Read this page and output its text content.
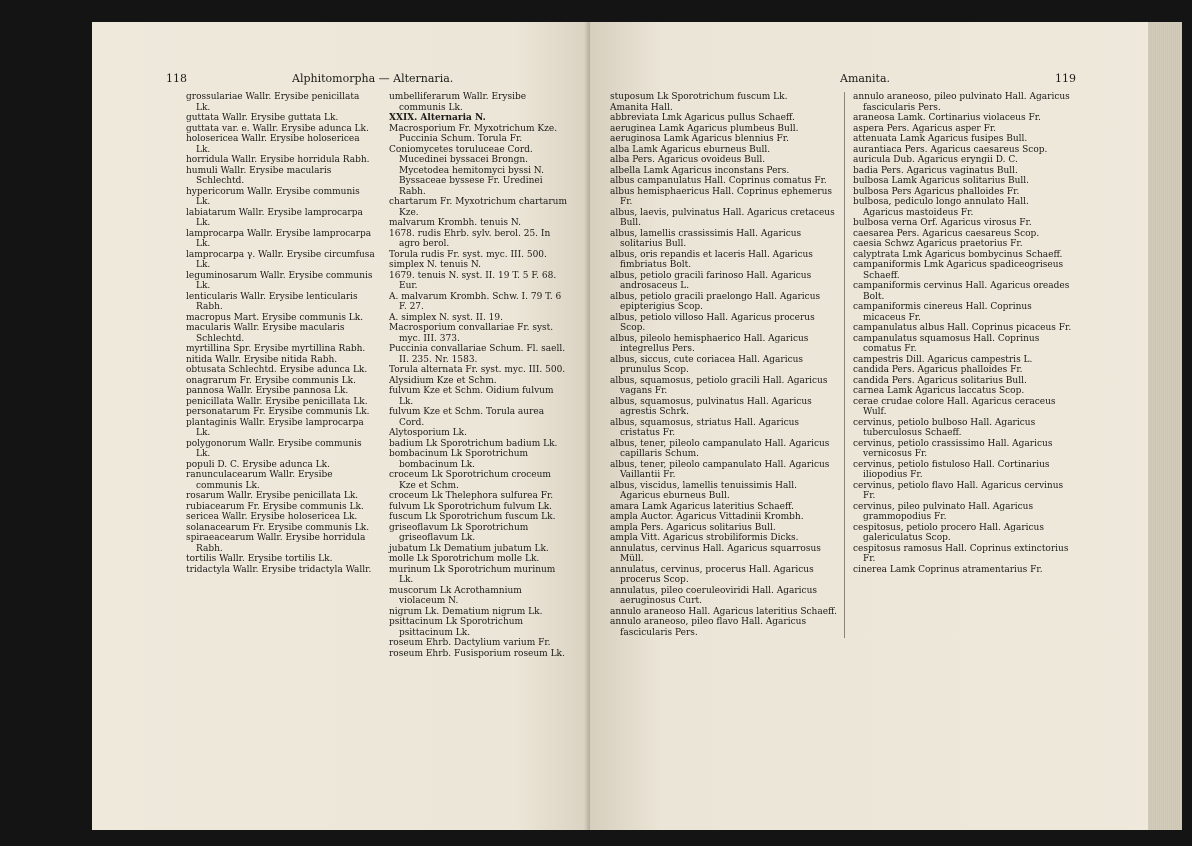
118	Alphitomorpha — Alternaria.

grossulariae Wallr. Erysibe penicillata Lk.

guttata Wallr. Erysibe guttata Lk.

guttata var. e. Wallr. Erysibe adunca Lk.

holosericea Wallr. Erysibe holosericea Lk.

horridula Wallr. Erysibe horridula Rabh.

humuli Wallr. Erysibe macularis Schlechtd.

hypericorum Wallr. Erysibe communis Lk.

labiatarum Wallr. Erysibe lamprocarpa Lk.

lamprocarpa Wallr. Erysibe lamprocarpa Lk.

lamprocarpa γ. Wallr. Erysibe circumfusa Lk.

leguminosarum Wallr. Erysibe communis Lk.

lenticularis Wallr. Erysibe lenticularis Rabh.

macropus Mart. Erysibe communis Lk.

macularis Wallr. Erysibe macularis Schlechtd.

myrtillina Spr. Erysibe myrtillina Rabh.

nitida Wallr. Erysibe nitida Rabh.

obtusata Schlechtd. Erysibe adunca Lk.

onagrarum Fr. Erysibe communis Lk.

pannosa Wallr. Erysibe pannosa Lk.

penicillata Wallr. Erysibe penicillata Lk.

personatarum Fr. Erysibe communis Lk.

plantaginis Wallr. Erysibe lamprocarpa Lk.

polygonorum Wallr. Erysibe communis Lk.

populi D. C. Erysibe adunca Lk.

ranunculacearum Wallr. Erysibe communis Lk.

rosarum Wallr. Erysibe penicillata Lk.

rubiacearum Fr. Erysibe communis Lk.

sericea Wallr. Erysibe holosericea Lk.

solanacearum Fr. Erysibe communis Lk.

spiraeacearum Wallr. Erysibe horridula Rabh.

tortilis Wallr. Erysibe tortilis Lk.

tridactyla Wallr. Erysibe tridactyla Wallr.

umbelliferarum Wallr. Erysibe communis Lk.

XXIX. Alternaria N.

Macrosporium Fr. Myxotrichum Kze. Puccinia Schum. Torula Fr.

Coniomycetes toruluceae Cord. Mucedinei byssacei Brongn. Mycetodea hemitomyci byssi N. Byssaceae byssese Fr. Uredinei Rabh.

chartarum Fr. Myxotrichum chartarum Kze.

malvarum Krombh. tenuis N.

1678. rudis Ehrb. sylv. berol. 25. In agro berol.

Torula rudis Fr. syst. myc. III. 500.

simplex N. tenuis N.

1679. tenuis N. syst. II. 19 T. 5 F. 68. Eur.

A. malvarum Krombh. Schw. I. 79 T. 6 F. 27.

A. simplex N. syst. II. 19.

Macrosporium convallariae Fr. syst. myc. III. 373.

Puccinia convallariae Schum. Fl. saell. II. 235. Nr. 1583.

Torula alternata Fr. syst. myc. III. 500.

Alysidium Kze et Schm.

fulvum Kze et Schm. Oidium fulvum Lk.

fulvum Kze et Schm. Torula aurea Cord.

Alytosporium Lk.

badium Lk Sporotrichum badium Lk.

bombacinum Lk Sporotrichum bombacinum Lk.

croceum Lk Sporotrichum croceum Kze et Schm.

croceum Lk Thelephora sulfurea Fr.

fulvum Lk Sporotrichum fulvum Lk.

fuscum Lk Sporotrichum fuscum Lk.

griseoflavum Lk Sporotrichum griseoflavum Lk.

jubatum Lk Dematium jubatum Lk.

molle Lk Sporotrichum molle Lk.

murinum Lk Sporotrichum murinum Lk.

muscorum Lk Acrothamnium violaceum N.

nigrum Lk. Dematium nigrum Lk.

psittacinum Lk Sporotrichum psittacinum Lk.

roseum Ehrb. Dactylium varium Fr.

roseum Ehrb. Fusisporium roseum Lk.

Amanita.	119

stuposum Lk Sporotrichum fuscum Lk.

Amanita Hall.

abbreviata Lmk Agaricus pullus Schaeff.

aeruginea Lamk Agaricus plumbeus Bull.

aeruginosa Lamk Agaricus blennius Fr.

alba Lamk Agaricus eburneus Bull.

alba Pers. Agaricus ovoideus Bull.

albella Lamk Agaricus inconstans Pers.

albus campanulatus Hall. Coprinus comatus Fr.

albus hemisphaericus Hall. Coprinus ephemerus Fr.

albus, laevis, pulvinatus Hall. Agaricus cretaceus Bull.

albus, lamellis crassissimis Hall. Agaricus solitarius Bull.

albus, oris repandis et laceris Hall. Agaricus fimbriatus Bolt.

albus, petiolo gracili farinoso Hall. Agaricus androsaceus L.

albus, petiolo gracili praelongo Hall. Agaricus epipterigius Scop.

albus, petiolo villoso Hall. Agaricus procerus Scop.

albus, pileolo hemisphaerico Hall. Agaricus integrellus Pers.

albus, siccus, cute coriacea Hall. Agaricus prunulus Scop.

albus, squamosus, petiolo gracili Hall. Agaricus vagans Fr.

albus, squamosus, pulvinatus Hall. Agaricus agrestis Schrk.

albus, squamosus, striatus Hall. Agaricus cristatus Fr.

albus, tener, pileolo campanulato Hall. Agaricus capillaris Schum.

albus, tener, pileolo campanulato Hall. Agaricus Vaillantii Fr.

albus, viscidus, lamellis tenuissimis Hall. Agaricus eburneus Bull.

amara Lamk Agaricus lateritius Schaeff.

ampla Auctor. Agaricus Vittadinii Krombh.

ampla Pers. Agaricus solitarius Bull.

ampla Vitt. Agaricus strobiliformis Dicks.

annulatus, cervinus Hall. Agaricus squarrosus Müll.

annulatus, cervinus, procerus Hall. Agaricus procerus Scop.

annulatus, pileo coeruleoviridi Hall. Agaricus aeruginosus Curt.

annulo araneoso Hall. Agaricus lateritius Schaeff.

annulo araneoso, pileo flavo Hall. Agaricus fascicularis Pers.

annulo araneoso, pileo pulvinato Hall. Agaricus fascicularis Pers.

araneosa Lamk. Cortinarius violaceus Fr.

aspera Pers. Agaricus asper Fr.

attenuata Lamk Agaricus fusipes Bull.

aurantiaca Pers. Agaricus caesareus Scop.

auricula Dub. Agaricus eryngii D. C.

badia Pers. Agaricus vaginatus Bull.

bulbosa Lamk Agaricus solitarius Bull.

bulbosa Pers Agaricus phalloides Fr.

bulbosa, pediculo longo annulato Hall. Agaricus mastoideus Fr.

bulbosa verna Orf. Agaricus virosus Fr.

caesarea Pers. Agaricus caesareus Scop.

caesia Schwz Agaricus praetorius Fr.

calyptrata Lmk Agaricus bombycinus Schaeff.

campaniformis Lmk Agaricus spadiceogriseus Schaeff.

campaniformis cervinus Hall. Agaricus oreades Bolt.

campaniformis cinereus Hall. Coprinus micaceus Fr.

campanulatus albus Hall. Coprinus picaceus Fr.

campanulatus squamosus Hall. Coprinus comatus Fr.

campestris Dill. Agaricus campestris L.

candida Pers. Agaricus phalloides Fr.

candida Pers. Agaricus solitarius Bull.

carnea Lamk Agaricus laccatus Scop.

cerae crudae colore Hall. Agaricus ceraceus Wulf.

cervinus, petiolo bulboso Hall. Agaricus tuberculosus Schaeff.

cervinus, petiolo crassissimo Hall. Agaricus vernicosus Fr.

cervinus, petiolo fistuloso Hall. Cortinarius iliopodius Fr.

cervinus, petiolo flavo Hall. Agaricus cervinus Fr.

cervinus, pileo pulvinato Hall. Agaricus grammopodius Fr.

cespitosus, petiolo procero Hall. Agaricus galericulatus Scop.

cespitosus ramosus Hall. Coprinus extinctorius Fr.

cinerea Lamk Coprinus atramentarius Fr.
